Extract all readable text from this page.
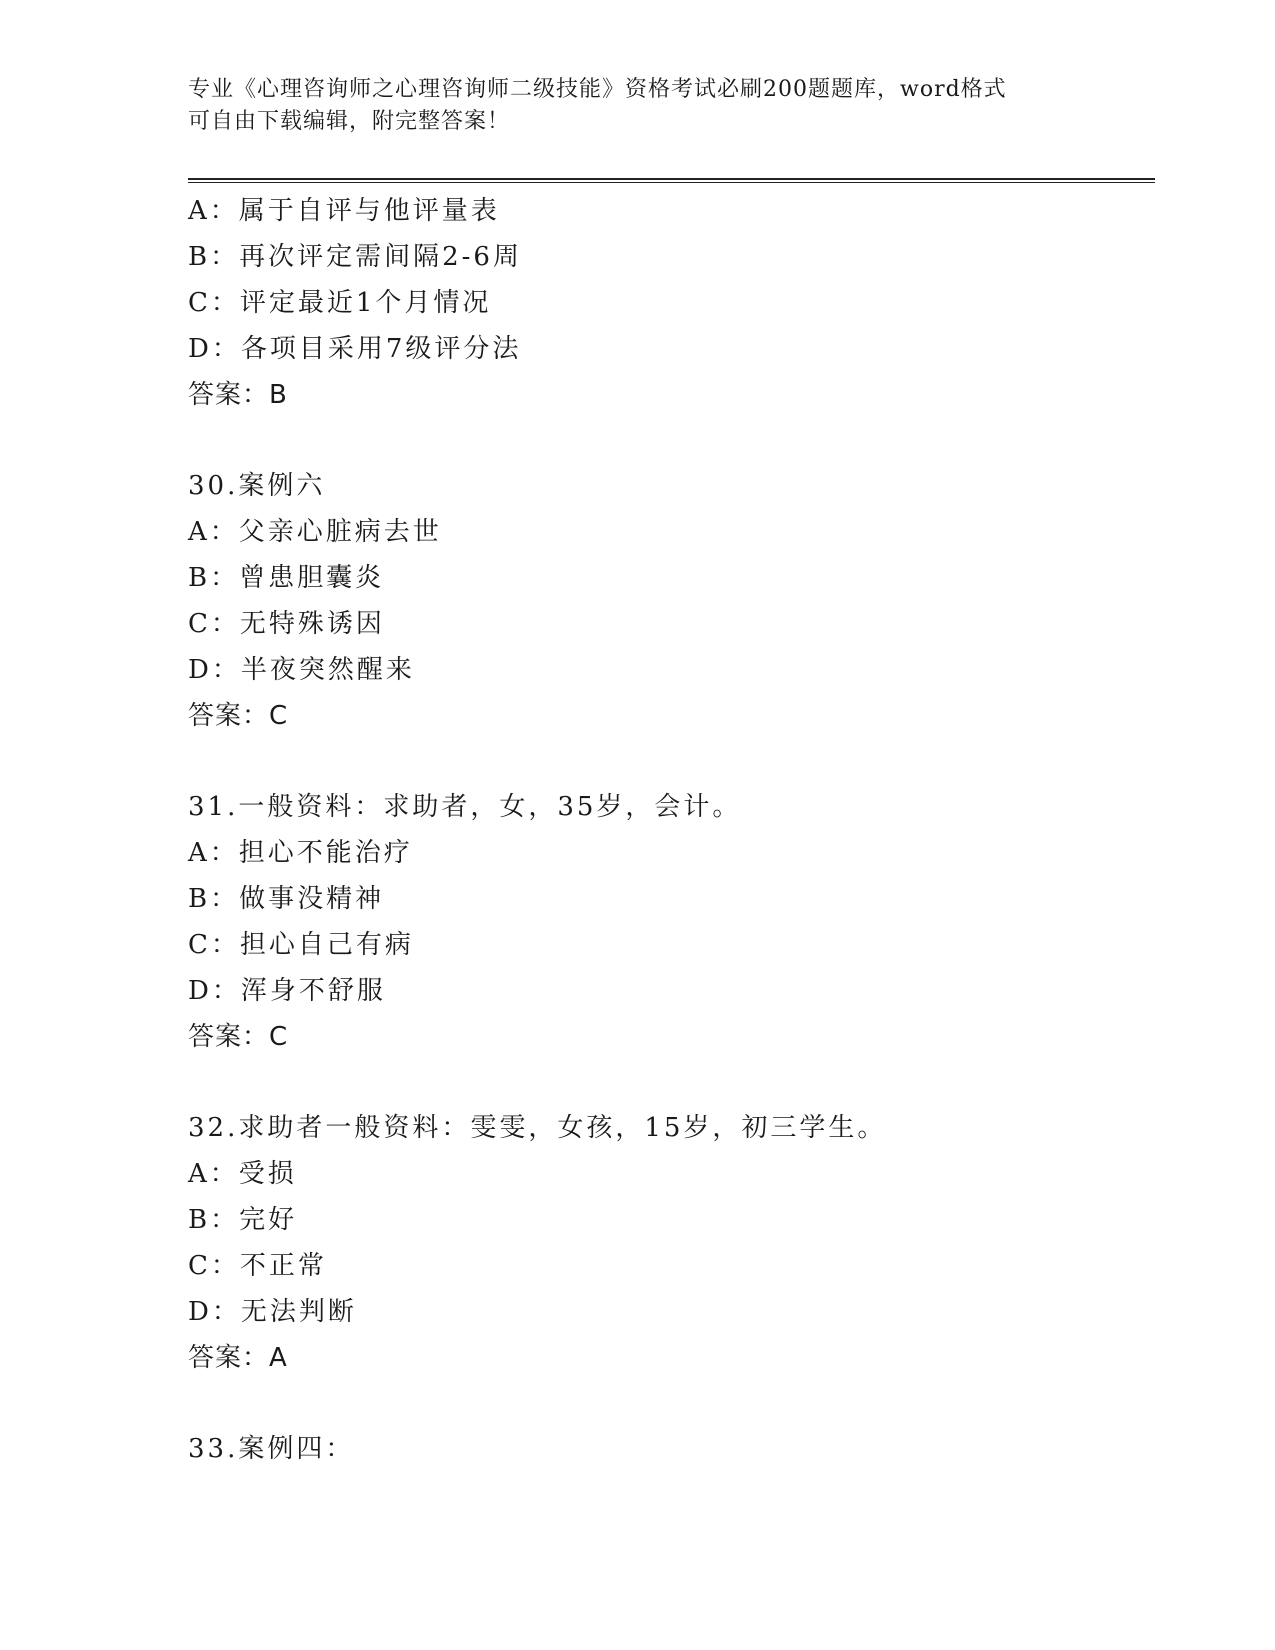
专业《心理咨询师之心理咨询师二级技能》资格考试必刷200题题库，word格式
可自由下载编辑，附完整答案！
A：属于自评与他评量表
B：再次评定需间隔2-6周
C：评定最近1个月情况
D：各项目采用7级评分法
答案：B
30.案例六
A：父亲心脏病去世
B：曾患胆囊炎
C：无特殊诱因
D：半夜突然醒来
答案：C
31.一般资料：求助者，女，35岁，会计。
A：担心不能治疗
B：做事没精神
C：担心自己有病
D：浑身不舒服
答案：C
32.求助者一般资料：雯雯，女孩，15岁，初三学生。
A：受损
B：完好
C：不正常
D：无法判断
答案：A
33.案例四：
